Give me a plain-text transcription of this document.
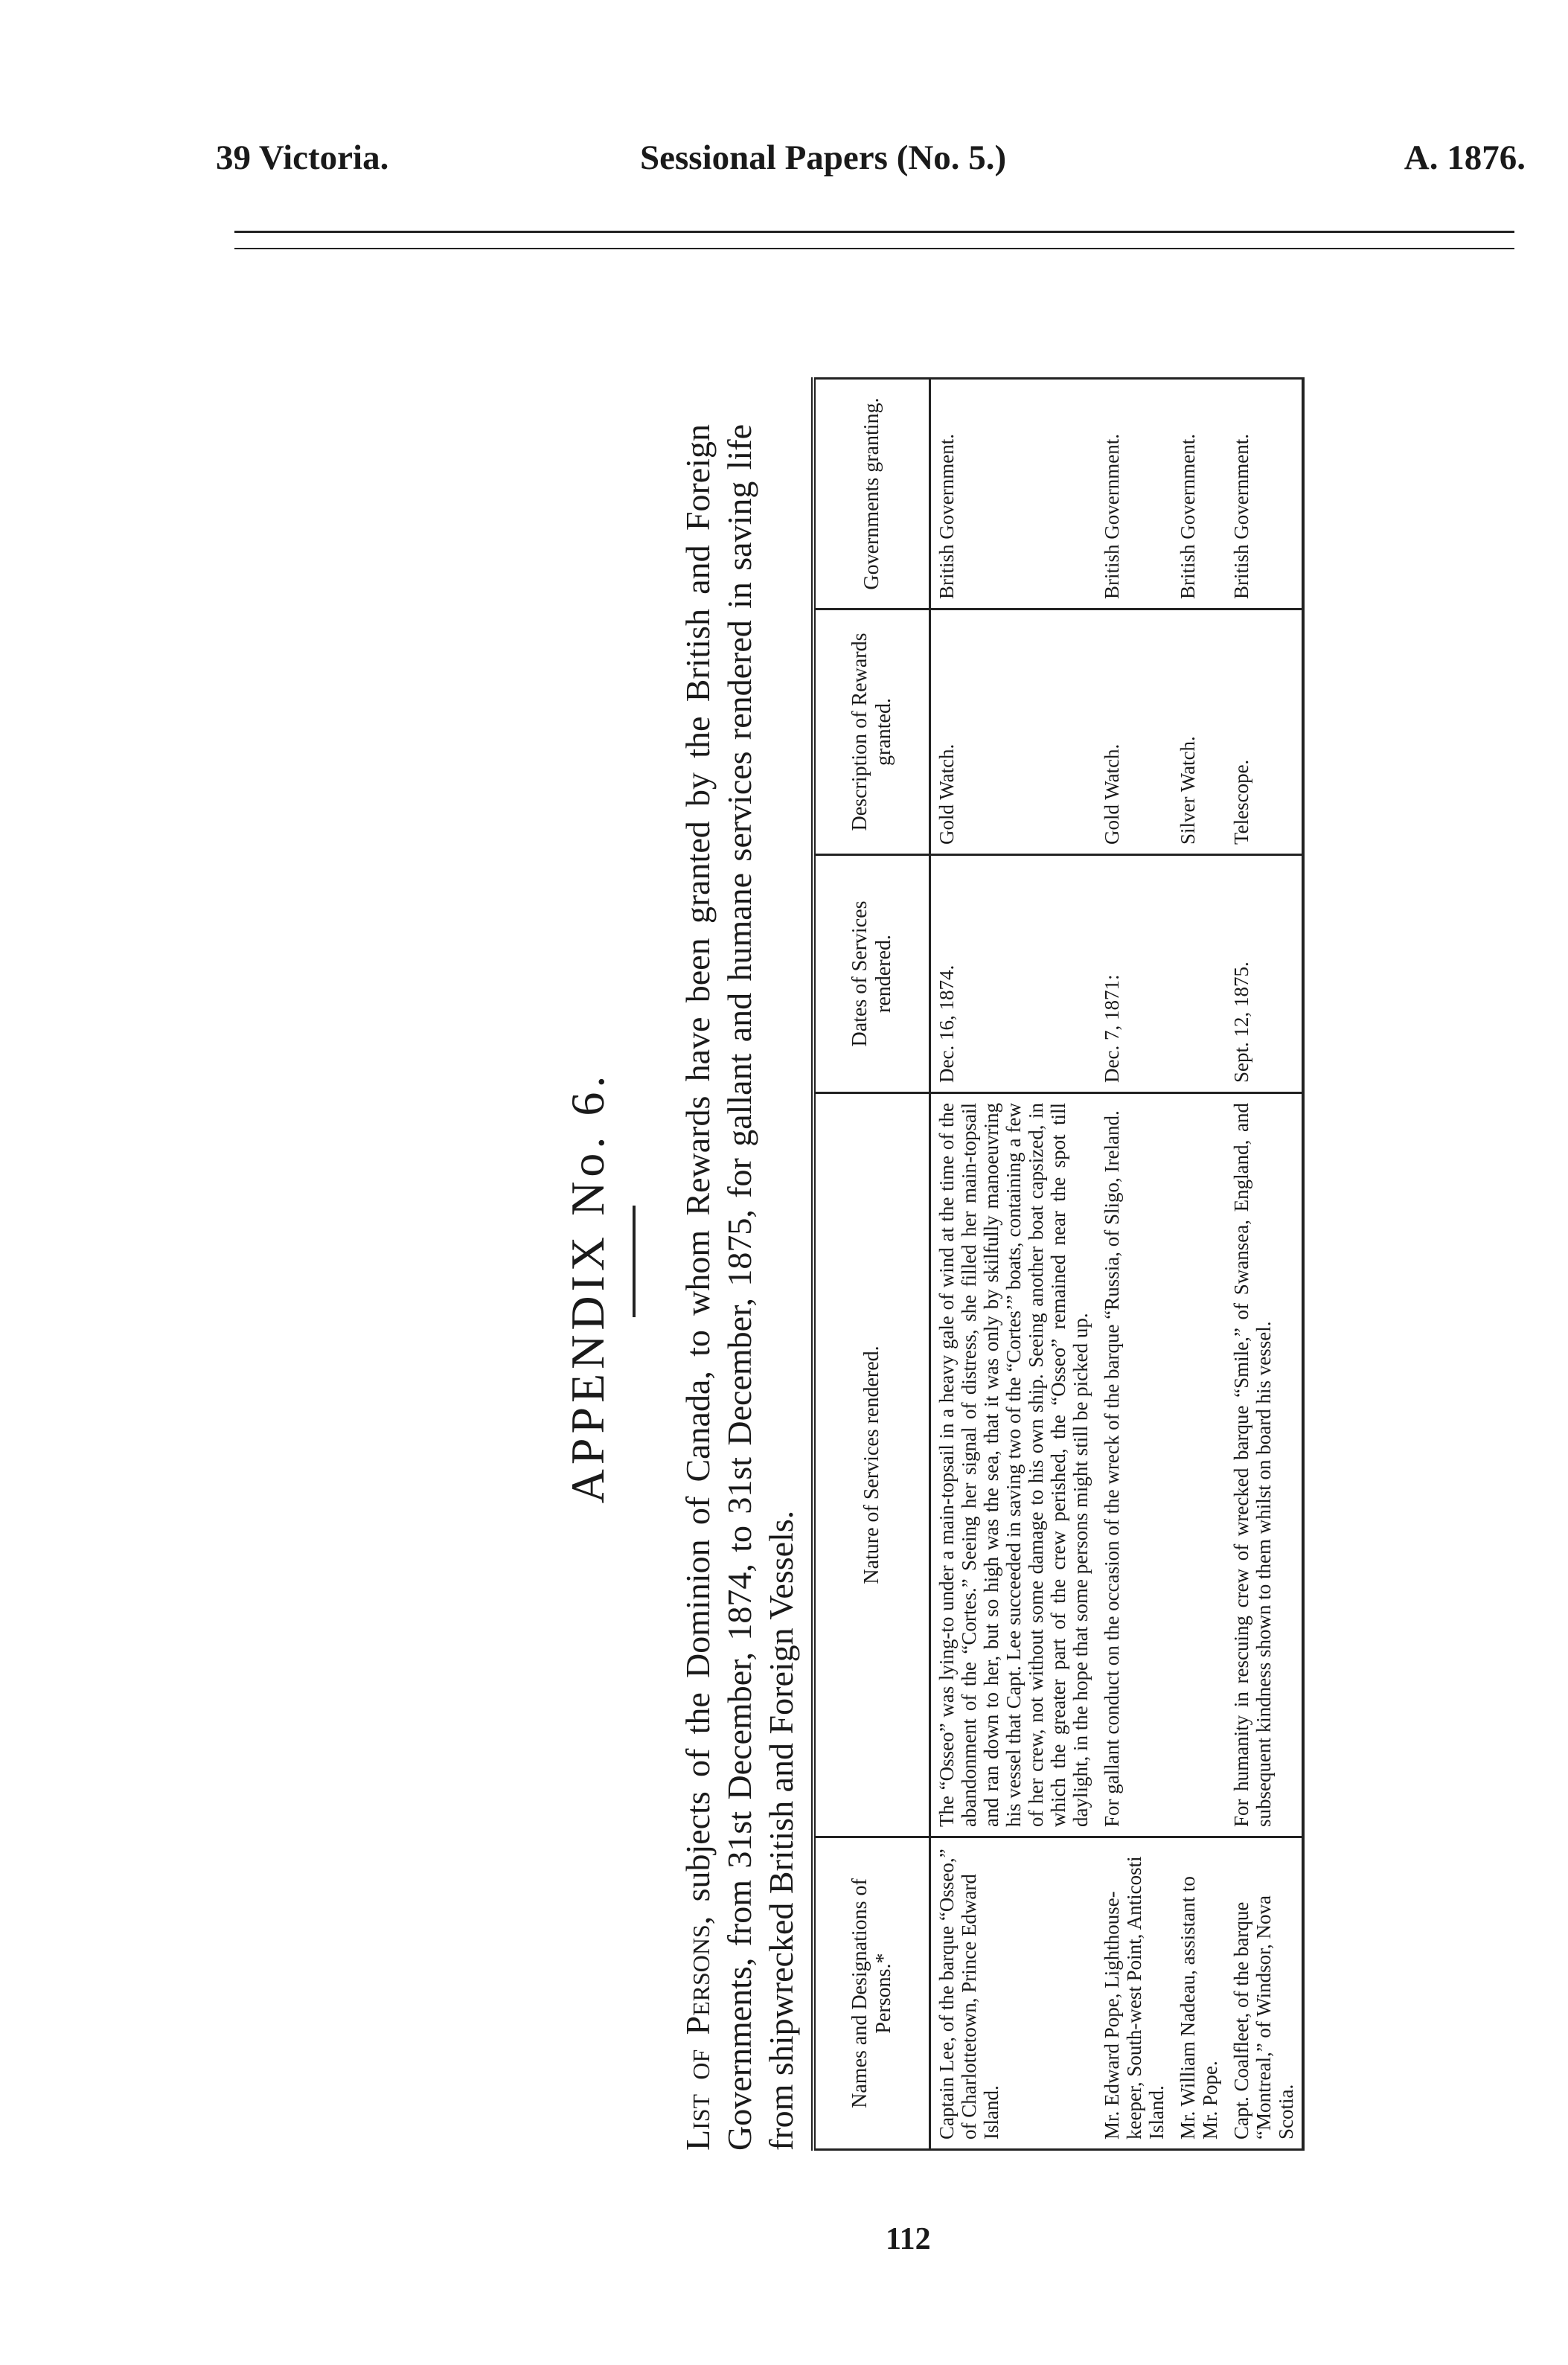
39 Victoria.	Sessional Papers (No. 5.)	A. 1876.
APPENDIX No. 6.
List of Persons, subjects of the Dominion of Canada, to whom Rewards have been granted by the British and Foreign Governments, from 31st December, 1874, to 31st December, 1875, for gallant and humane services rendered in saving life from shipwrecked British and Foreign Vessels. Names and Designations of Persons.*	Nature of Services rendered.	Dates of Services rendered.	Description of Rewards granted.	Governments granting.
Captain Lee, of the barque “Osseo,” of Charlottetown, Prince Edward Island.	The “Osseo” was lying-to under a main-topsail in a heavy gale of wind at the time of the abandonment of the “Cortes.” Seeing her signal of distress, she filled her main-topsail and ran down to her, but so high was the sea, that it was only by skilfully manoeuvring his vessel that Capt. Lee succeeded in saving two of the “Cortes’” boats, containing a few of her crew, not without some damage to his own ship. Seeing another boat capsized, in which the greater part of the crew perished, the “Osseo” remained near the spot till daylight, in the hope that some persons might still be picked up.	Dec. 16, 1874.	Gold Watch.	British Government.
Mr. Edward Pope, Lighthouse-keeper, South-west Point, Anticosti Island.	For gallant conduct on the occasion of the wreck of the barque “Russia, of Sligo, Ireland.	Dec. 7, 1871:	Gold Watch.	British Government.
Mr. William Nadeau, assistant to Mr. Pope.			Silver Watch.	British Government.
Capt. Coalfleet, of the barque “Montreal,” of Windsor, Nova Scotia.	For humanity in rescuing crew of wrecked barque “Smile,” of Swansea, England, and subsequent kindness shown to them whilst on board his vessel.	Sept. 12, 1875.	Telescope.	British Government.
112
